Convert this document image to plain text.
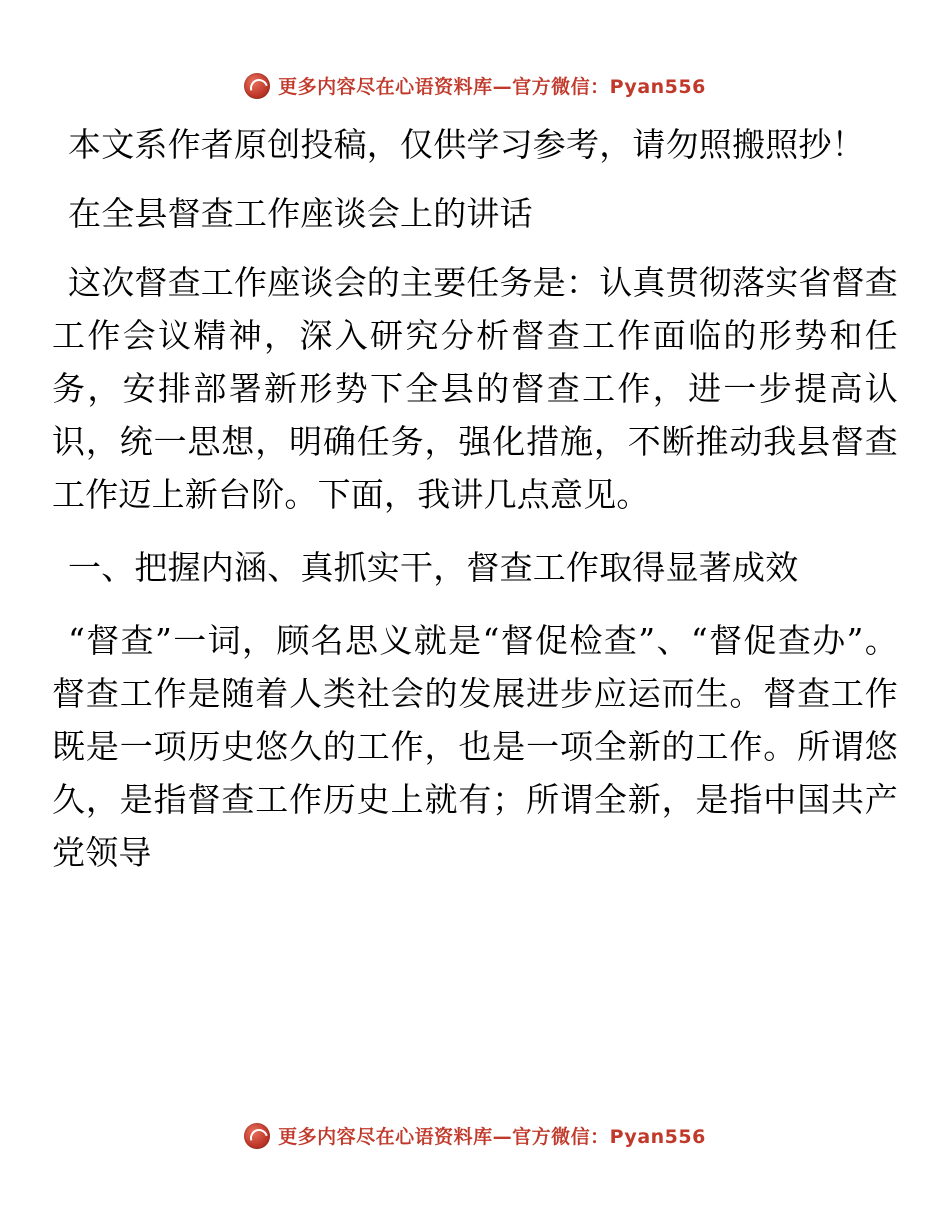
更多内容尽在心语资料库—官方微信：Pyan556

本文系作者原创投稿，仅供学习参考，请勿照搬照抄！

在全县督查工作座谈会上的讲话

这次督查工作座谈会的主要任务是：认真贯彻落实省督查工作会议精神，深入研究分析督查工作面临的形势和任务，安排部署新形势下全县的督查工作，进一步提高认识，统一思想，明确任务，强化措施，不断推动我县督查工作迈上新台阶。下面，我讲几点意见。

一、把握内涵、真抓实干，督查工作取得显著成效

“督查”一词，顾名思义就是“督促检查”、“督促查办”。督查工作是随着人类社会的发展进步应运而生。督查工作既是一项历史悠久的工作，也是一项全新的工作。所谓悠久，是指督查工作历史上就有；所谓全新，是指中国共产党领导

更多内容尽在心语资料库—官方微信：Pyan556
